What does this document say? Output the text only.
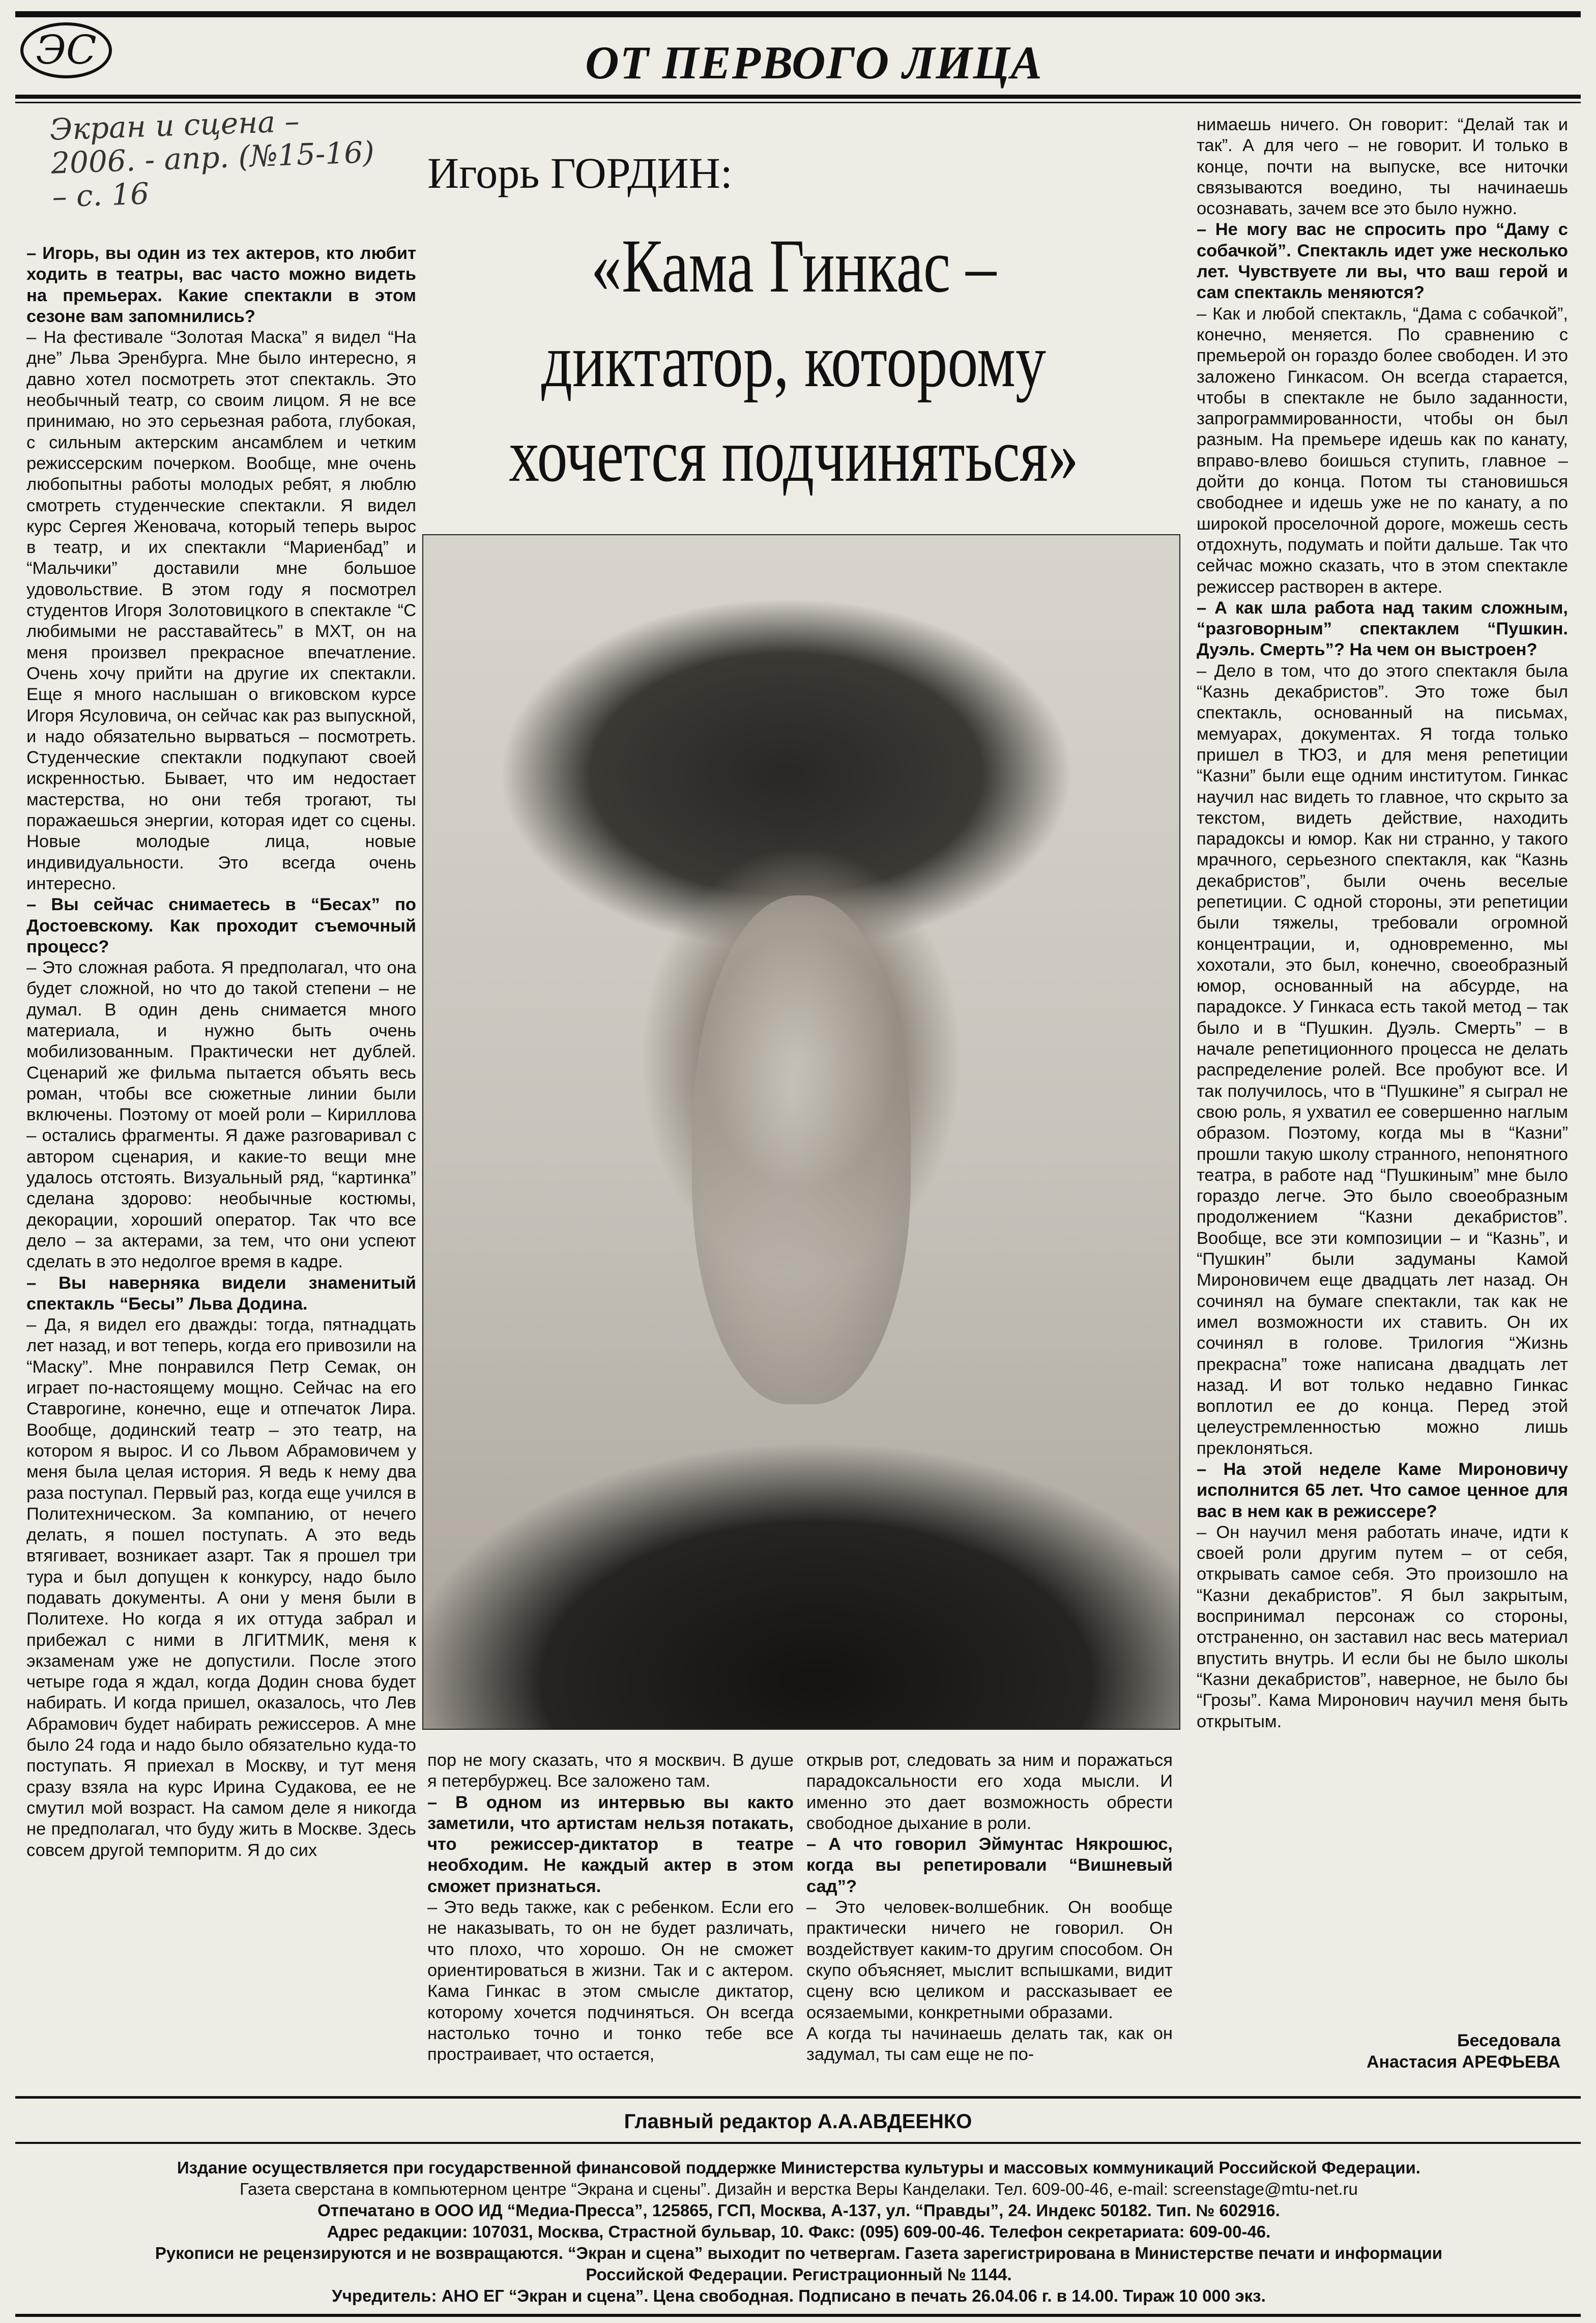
ЭС	ОТ ПЕРВОГО ЛИЦА
Экран и сцена –
2006. - апр. (№15-16)
– с. 16	Игорь ГОРДИН:
«Кама Гинкас –
диктатор, которому
хочется подчиняться»
– Игорь, вы один из тех актеров, кто любит ходить в театры, вас часто можно видеть на премьерах. Какие спектакли в этом сезоне вам запомнились?
– На фестивале “Золотая Маска” я видел “На дне” Льва Эренбурга. Мне было интересно, я давно хотел посмотреть этот спектакль. Это необычный театр, со своим лицом. Я не все принимаю, но это серьезная работа, глубокая, с сильным актерским ансамблем и четким режиссерским почерком. Вообще, мне очень любопытны работы молодых ребят, я люблю смотреть студенческие спектакли. Я видел курс Сергея Женовача, который теперь вырос в театр, и их спектакли “Мариенбад” и “Мальчики” доставили мне большое удовольствие. В этом году я посмотрел студентов Игоря Золотовицкого в спектакле “С любимыми не расставайтесь” в МХТ, он на меня произвел прекрасное впечатление. Очень хочу прийти на другие их спектакли. Еще я много наслышан о вгиковском курсе Игоря Ясуловича, он сейчас как раз выпускной, и надо обязательно вырваться – посмотреть. Студенческие спектакли подкупают своей искренностью. Бывает, что им недостает мастерства, но они тебя трогают, ты поражаешься энергии, которая идет со сцены. Новые молодые лица, новые индивидуальности. Это всегда очень интересно.
– Вы сейчас снимаетесь в “Бесах” по Достоевскому. Как проходит съемочный процесс?
– Это сложная работа. Я предполагал, что она будет сложной, но что до такой степени – не думал. В один день снимается много материала, и нужно быть очень мобилизованным. Практически нет дублей. Сценарий же фильма пытается объять весь роман, чтобы все сюжетные линии были включены. Поэтому от моей роли – Кириллова – остались фрагменты. Я даже разговаривал с автором сценария, и какие-то вещи мне удалось отстоять. Визуальный ряд, “картинка” сделана здорово: необычные костюмы, декорации, хороший оператор. Так что все дело – за актерами, за тем, что они успеют сделать в это недолгое время в кадре.
– Вы наверняка видели знаменитый спектакль “Бесы” Льва Додина.
– Да, я видел его дважды: тогда, пятнадцать лет назад, и вот теперь, когда его привозили на “Маску”. Мне понравился Петр Семак, он играет по-настоящему мощно. Сейчас на его Ставрогине, конечно, еще и отпечаток Лира. Вообще, додинский театр – это театр, на котором я вырос. И со Львом Абрамовичем у меня была целая история. Я ведь к нему два раза поступал. Первый раз, когда еще учился в Политехническом. За компанию, от нечего делать, я пошел поступать. А это ведь втягивает, возникает азарт. Так я прошел три тура и был допущен к конкурсу, надо было подавать документы. А они у меня были в Политехе. Но когда я их оттуда забрал и прибежал с ними в ЛГИТМИК, меня к экзаменам уже не допустили. После этого четыре года я ждал, когда Додин снова будет набирать. И когда пришел, оказалось, что Лев Абрамович будет набирать режиссеров. А мне было 24 года и надо было обязательно куда-то поступать. Я приехал в Москву, и тут меня сразу взяла на курс Ирина Судакова, ее не смутил мой возраст. На самом деле я никогда не предполагал, что буду жить в Москве. Здесь совсем другой темпоритм. Я до сих
пор не могу сказать, что я москвич. В душе я петербуржец. Все заложено там.
– В одном из интервью вы както заметили, что артистам нельзя потакать, что режиссер-диктатор в театре необходим. Не каждый актер в этом сможет признаться.
– Это ведь также, как с ребенком. Если его не наказывать, то он не будет различать, что плохо, что хорошо. Он не сможет ориентироваться в жизни. Так и с актером. Кама Гинкас в этом смысле диктатор, которому хочется подчиняться. Он всегда настолько точно и тонко тебе все простраивает, что остается,
открыв рот, следовать за ним и поражаться парадоксальности его хода мысли. И именно это дает возможность обрести свободное дыхание в роли.
– А что говорил Эймунтас Някрошюс, когда вы репетировали “Вишневый сад”?
– Это человек-волшебник. Он вообще практически ничего не говорил. Он воздействует каким-то другим способом. Он скупо объясняет, мыслит вспышками, видит сцену всю целиком и рассказывает ее осязаемыми, конкретными образами.
А когда ты начинаешь делать так, как он задумал, ты сам еще не по-
нимаешь ничего. Он говорит: “Делай так и так”. А для чего – не говорит. И только в конце, почти на выпуске, все ниточки связываются воедино, ты начинаешь осознавать, зачем все это было нужно.
– Не могу вас не спросить про “Даму с собачкой”. Спектакль идет уже несколько лет. Чувствуете ли вы, что ваш герой и сам спектакль меняются?
– Как и любой спектакль, “Дама с собачкой”, конечно, меняется. По сравнению с премьерой он гораздо более свободен. И это заложено Гинкасом. Он всегда старается, чтобы в спектакле не было заданности, запрограммированности, чтобы он был разным. На премьере идешь как по канату, вправо-влево боишься ступить, главное – дойти до конца. Потом ты становишься свободнее и идешь уже не по канату, а по широкой проселочной дороге, можешь сесть отдохнуть, подумать и пойти дальше. Так что сейчас можно сказать, что в этом спектакле режиссер растворен в актере.
– А как шла работа над таким сложным, “разговорным” спектаклем “Пушкин. Дуэль. Смерть”? На чем он выстроен?
– Дело в том, что до этого спектакля была “Казнь декабристов”. Это тоже был спектакль, основанный на письмах, мемуарах, документах. Я тогда только пришел в ТЮЗ, и для меня репетиции “Казни” были еще одним институтом. Гинкас научил нас видеть то главное, что скрыто за текстом, видеть действие, находить парадоксы и юмор. Как ни странно, у такого мрачного, серьезного спектакля, как “Казнь декабристов”, были очень веселые репетиции. С одной стороны, эти репетиции были тяжелы, требовали огромной концентрации, и, одновременно, мы хохотали, это был, конечно, своеобразный юмор, основанный на абсурде, на парадоксе. У Гинкаса есть такой метод – так было и в “Пушкин. Дуэль. Смерть” – в начале репетиционного процесса не делать распределение ролей. Все пробуют все. И так получилось, что в “Пушкине” я сыграл не свою роль, я ухватил ее совершенно наглым образом. Поэтому, когда мы в “Казни” прошли такую школу странного, непонятного театра, в работе над “Пушкиным” мне было гораздо легче. Это было своеобразным продолжением “Казни декабристов”. Вообще, все эти композиции – и “Казнь”, и “Пушкин” были задуманы Камой Мироновичем еще двадцать лет назад. Он сочинял на бумаге спектакли, так как не имел возможности их ставить. Он их сочинял в голове. Трилогия “Жизнь прекрасна” тоже написана двадцать лет назад. И вот только недавно Гинкас воплотил ее до конца. Перед этой целеустремленностью можно лишь преклоняться.
– На этой неделе Каме Мироновичу исполнится 65 лет. Что самое ценное для вас в нем как в режиссере?
– Он научил меня работать иначе, идти к своей роли другим путем – от себя, открывать самое себя. Это произошло на “Казни декабристов”. Я был закрытым, воспринимал персонаж со стороны, отстраненно, он заставил нас весь материал впустить внутрь. И если бы не было школы “Казни декабристов”, наверное, не было бы “Грозы”. Кама Миронович научил меня быть открытым.
Беседовала
Анастасия АРЕФЬЕВА
Главный редактор А.А.АВДЕЕНКО
Издание осуществляется при государственной финансовой поддержке Министерства культуры и массовых коммуникаций Российской Федерации.
Газета сверстана в компьютерном центре “Экрана и сцены”. Дизайн и верстка Веры Канделаки. Тел. 609-00-46, e-mail: screenstage@mtu-net.ru
Отпечатано в ООО ИД “Медиа-Пресса”, 125865, ГСП, Москва, А-137, ул. “Правды”, 24. Индекс 50182. Тип. № 602916.
Адрес редакции: 107031, Москва, Страстной бульвар, 10. Факс: (095) 609-00-46. Телефон секретариата: 609-00-46.
Рукописи не рецензируются и не возвращаются. “Экран и сцена” выходит по четвергам. Газета зарегистрирована в Министерстве печати и информации
Российской Федерации. Регистрационный № 1144.
Учредитель: АНО ЕГ “Экран и сцена”. Цена свободная. Подписано в печать 26.04.06 г. в 14.00. Тираж 10 000 экз.
